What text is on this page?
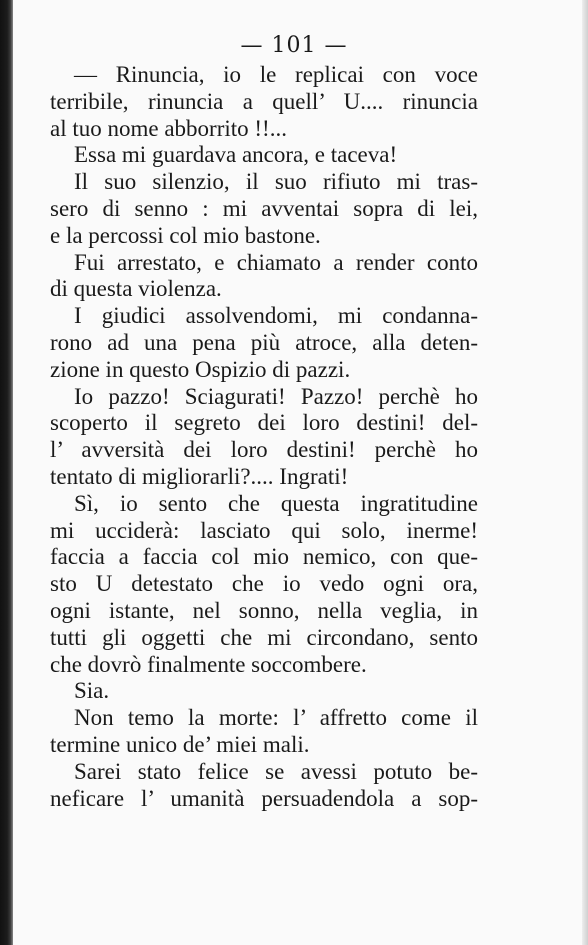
— 101 —
— Rinuncia, io le replicai con voce
terribile, rinuncia a quell’ U.... rinuncia
al tuo nome abborrito !!...
Essa mi guardava ancora, e taceva!
Il suo silenzio, il suo rifiuto mi tras-
sero di senno : mi avventai sopra di lei,
e la percossi col mio bastone.
Fui arrestato, e chiamato a render conto
di questa violenza.
I giudici assolvendomi, mi condanna-
rono ad una pena più atroce, alla deten-
zione in questo Ospizio di pazzi.
Io pazzo! Sciagurati! Pazzo! perchè ho
scoperto il segreto dei loro destini! del-
l’ avversità dei loro destini! perchè ho
tentato di migliorarli?.... Ingrati!
Sì, io sento che questa ingratitudine
mi ucciderà: lasciato qui solo, inerme!
faccia a faccia col mio nemico, con que-
sto U detestato che io vedo ogni ora,
ogni istante, nel sonno, nella veglia, in
tutti gli oggetti che mi circondano, sento
che dovrò finalmente soccombere.
Sia.
Non temo la morte: l’ affretto come il
termine unico de’ miei mali.
Sarei stato felice se avessi potuto be-
neficare l’ umanità persuadendola a sop-
